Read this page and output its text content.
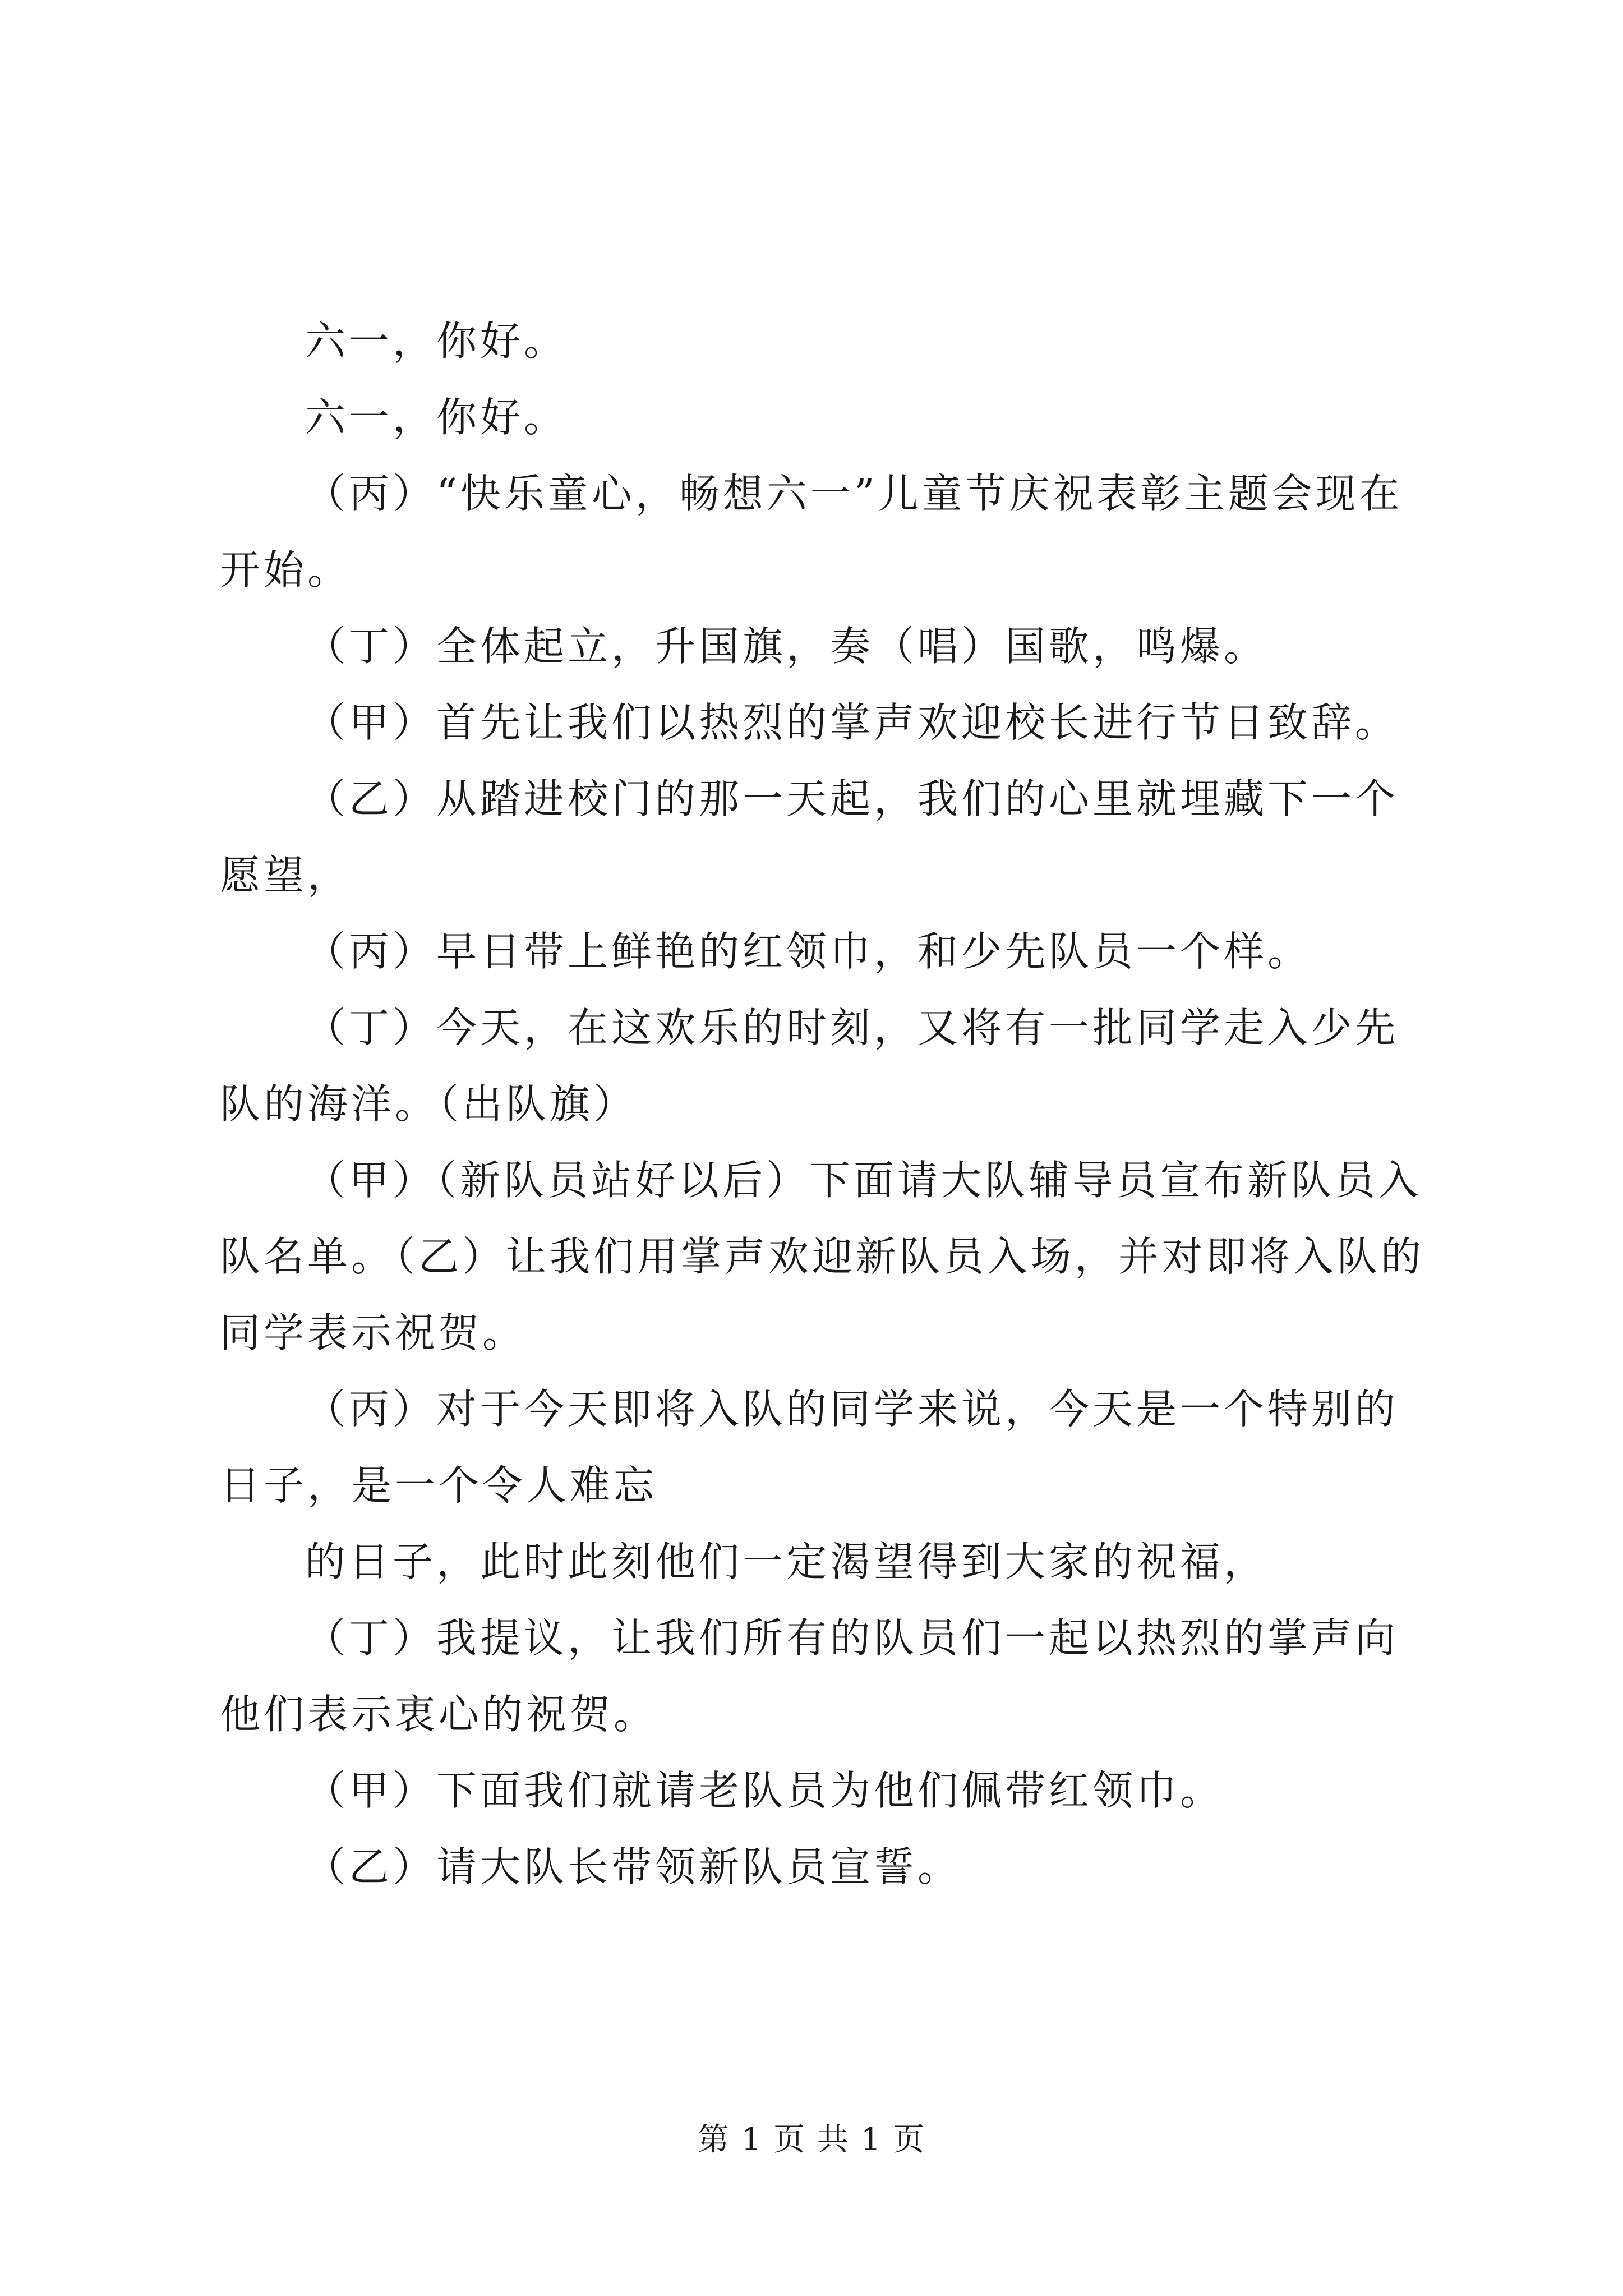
六一，你好。

六一，你好。

（丙）“快乐童心，畅想六一”儿童节庆祝表彰主题会现在开始。

（丁）全体起立，升国旗，奏（唱）国歌，鸣爆。

（甲）首先让我们以热烈的掌声欢迎校长进行节日致辞。

（乙）从踏进校门的那一天起，我们的心里就埋藏下一个愿望，

（丙）早日带上鲜艳的红领巾，和少先队员一个样。

（丁）今天，在这欢乐的时刻，又将有一批同学走入少先队的海洋。（出队旗）

（甲）（新队员站好以后）下面请大队辅导员宣布新队员入队名单。（乙）让我们用掌声欢迎新队员入场，并对即将入队的同学表示祝贺。

（丙）对于今天即将入队的同学来说，今天是一个特别的日子，是一个令人难忘

的日子，此时此刻他们一定渴望得到大家的祝福，

（丁）我提议，让我们所有的队员们一起以热烈的掌声向他们表示衷心的祝贺。

（甲）下面我们就请老队员为他们佩带红领巾。

（乙）请大队长带领新队员宣誓。

第 1 页 共 1 页
